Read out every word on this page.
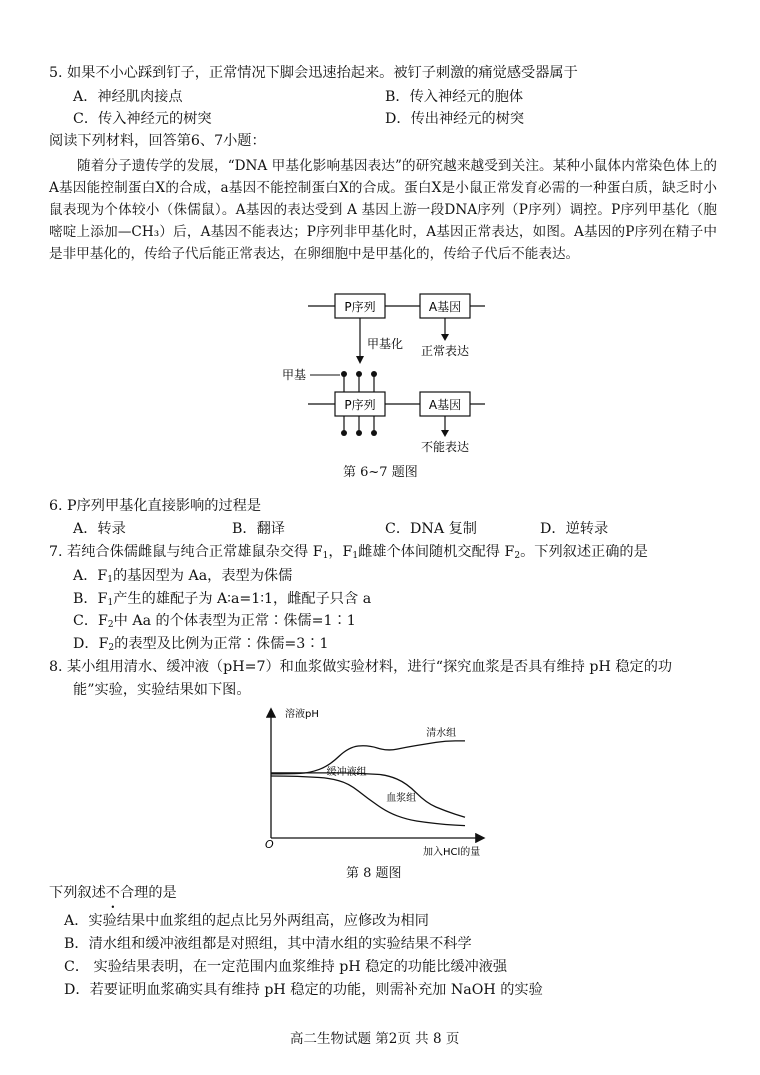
5. 如果不小心踩到钉子，正常情况下脚会迅速抬起来。被钉子刺激的痛觉感受器属于
A．神经肌肉接点	B．传入神经元的胞体
C．传入神经元的树突	D．传出神经元的树突
阅读下列材料，回答第6、7小题：

随着分子遗传学的发展，“DNA 甲基化影响基因表达”的研究越来越受到关注。某种小鼠体内常染色体上的A基因能控制蛋白X的合成，a基因不能控制蛋白X的合成。蛋白X是小鼠正常发育必需的一种蛋白质，缺乏时小鼠表现为个体较小（侏儒鼠）。A基因的表达受到 A 基因上游一段DNA序列（P序列）调控。P序列甲基化（胞嘧啶上添加—CH₃）后，A基因不能表达；P序列非甲基化时，A基因正常表达，如图。A基因的P序列在精子中是非甲基化的，传给子代后能正常表达，在卵细胞中是甲基化的，传给子代后不能表达。

P序列	A基因
正常表达
甲基化
甲基
P序列	A基因
不能表达
第 6~7 题图
6. P序列甲基化直接影响的过程是
A．转录	B．翻译	C．DNA 复制	D．逆转录
7. 若纯合侏儒雌鼠与纯合正常雄鼠杂交得 $F_1$，$F_1$雌雄个体间随机交配得 $F_2$。下列叙述正确的是
A．$F_1$的基因型为 Aa，表型为侏儒
B．$F_1$产生的雄配子为 A∶a=1∶1，雌配子只含 a
C．$F_2$中 Aa 的个体表型为正常∶侏儒=1∶1
D．$F_2$的表型及比例为正常∶侏儒=3∶1
8. 某小组用清水、缓冲液（pH=7）和血浆做实验材料，进行“探究血浆是否具有维持 pH 稳定的功
能”实验，实验结果如下图。
溶液pH
O
加入HCl的量
清水组
血浆组
缓冲液组
第 8 题图
下列叙述不合理的是
A．实验结果中血浆组的起点比另外两组高，应修改为相同
B．清水组和缓冲液组都是对照组，其中清水组的实验结果不科学
C． 实验结果表明，在一定范围内血浆维持 pH 稳定的功能比缓冲液强
D．若要证明血浆确实具有维持 pH 稳定的功能，则需补充加 NaOH 的实验
高二生物试题 第2页 共 8 页
